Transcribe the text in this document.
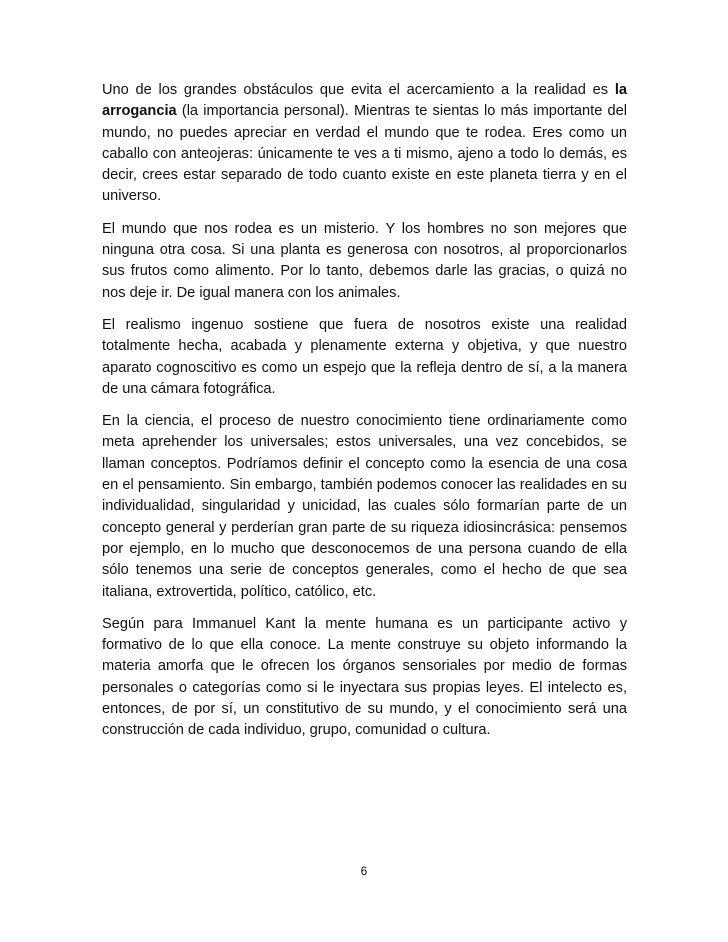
Uno de los grandes obstáculos que evita el acercamiento a la realidad es la arrogancia (la importancia personal). Mientras te sientas lo más importante del mundo, no puedes apreciar en verdad el mundo que te rodea. Eres como un caballo con anteojeras: únicamente te ves a ti mismo, ajeno a todo lo demás, es decir, crees estar separado de todo cuanto existe en este planeta tierra y en el universo.

El mundo que nos rodea es un misterio. Y los hombres no son mejores que ninguna otra cosa. Si una planta es generosa con nosotros, al proporcionarlos sus frutos como alimento. Por lo tanto, debemos darle las gracias, o quizá no nos deje ir. De igual manera con los animales.

El realismo ingenuo sostiene que fuera de nosotros existe una realidad totalmente hecha, acabada y plenamente externa y objetiva, y que nuestro aparato cognoscitivo es como un espejo que la refleja dentro de sí, a la manera de una cámara fotográfica.

En la ciencia, el proceso de nuestro conocimiento tiene ordinariamente como meta aprehender los universales; estos universales, una vez concebidos, se llaman conceptos. Podríamos definir el concepto como la esencia de una cosa en el pensamiento. Sin embargo, también podemos conocer las realidades en su individualidad, singularidad y unicidad, las cuales sólo formarían parte de un concepto general y perderían gran parte de su riqueza idiosincrásica: pensemos por ejemplo, en lo mucho que desconocemos de una persona cuando de ella sólo tenemos una serie de conceptos generales, como el hecho de que sea italiana, extrovertida, político, católico, etc.

Según para Immanuel Kant la mente humana es un participante activo y formativo de lo que ella conoce. La mente construye su objeto informando la materia amorfa que le ofrecen los órganos sensoriales por medio de formas personales o categorías como si le inyectara sus propias leyes. El intelecto es, entonces, de por sí, un constitutivo de su mundo, y el conocimiento será una construcción de cada individuo, grupo, comunidad o cultura.

6
